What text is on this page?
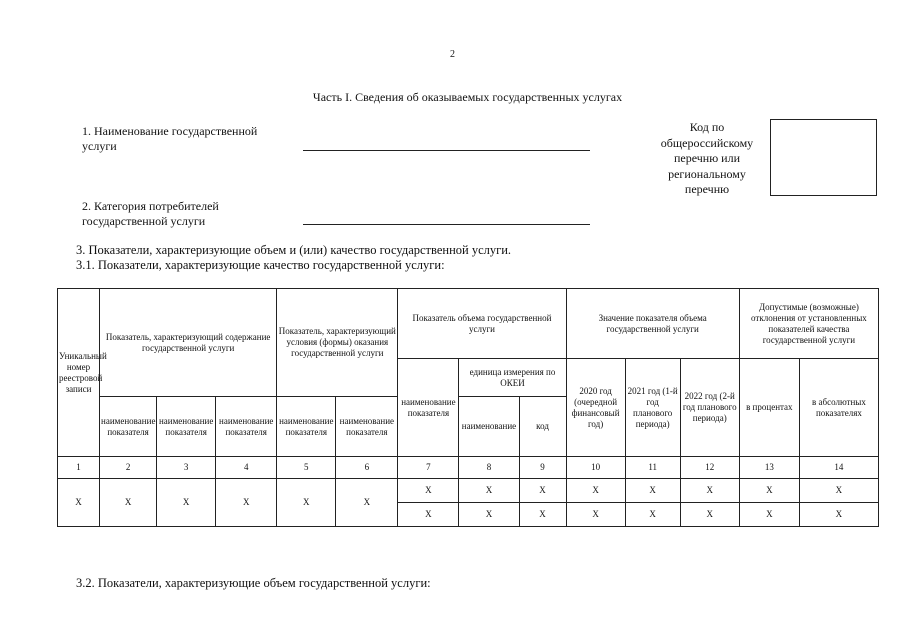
2
Часть I. Сведения об оказываемых государственных услугах
1. Наименование государственной
услуги
2. Категория потребителей
государственной услуги
Код по
общероссийскому
перечню или
региональному
перечню
3. Показатели, характеризующие объем и (или) качество государственной услуги.
3.1. Показатели, характеризующие качество государственной услуги:
Уникальный номер реестровой записи	Показатель, характеризующий содержание государственной услуги			Показатель, характеризующий условия (формы) оказания государственной услуги		Показатель объема государственной услуги			Значение показателя объема государственной услуги			Допустимые (возможные) отклонения от установленных показателей качества государственной услуги	
						наименование показателя	единица измерения по ОКЕИ		2020 год (очередной финансовый год)	2021 год (1-й год планового периода)	2022 год (2-й год планового периода)	в процентах	в абсолютных показателях
	наименование показателя	наименование показателя	наименование показателя	наименование показателя	наименование показателя		наименование	код					
1	2	3	4	5	6	7	8	9	10	11	12	13	14
X	X	X	X	X	X	X	X	X	X	X	X	X	X
						X	X	X	X	X	X	X	X
3.2. Показатели, характеризующие объем государственной услуги:
